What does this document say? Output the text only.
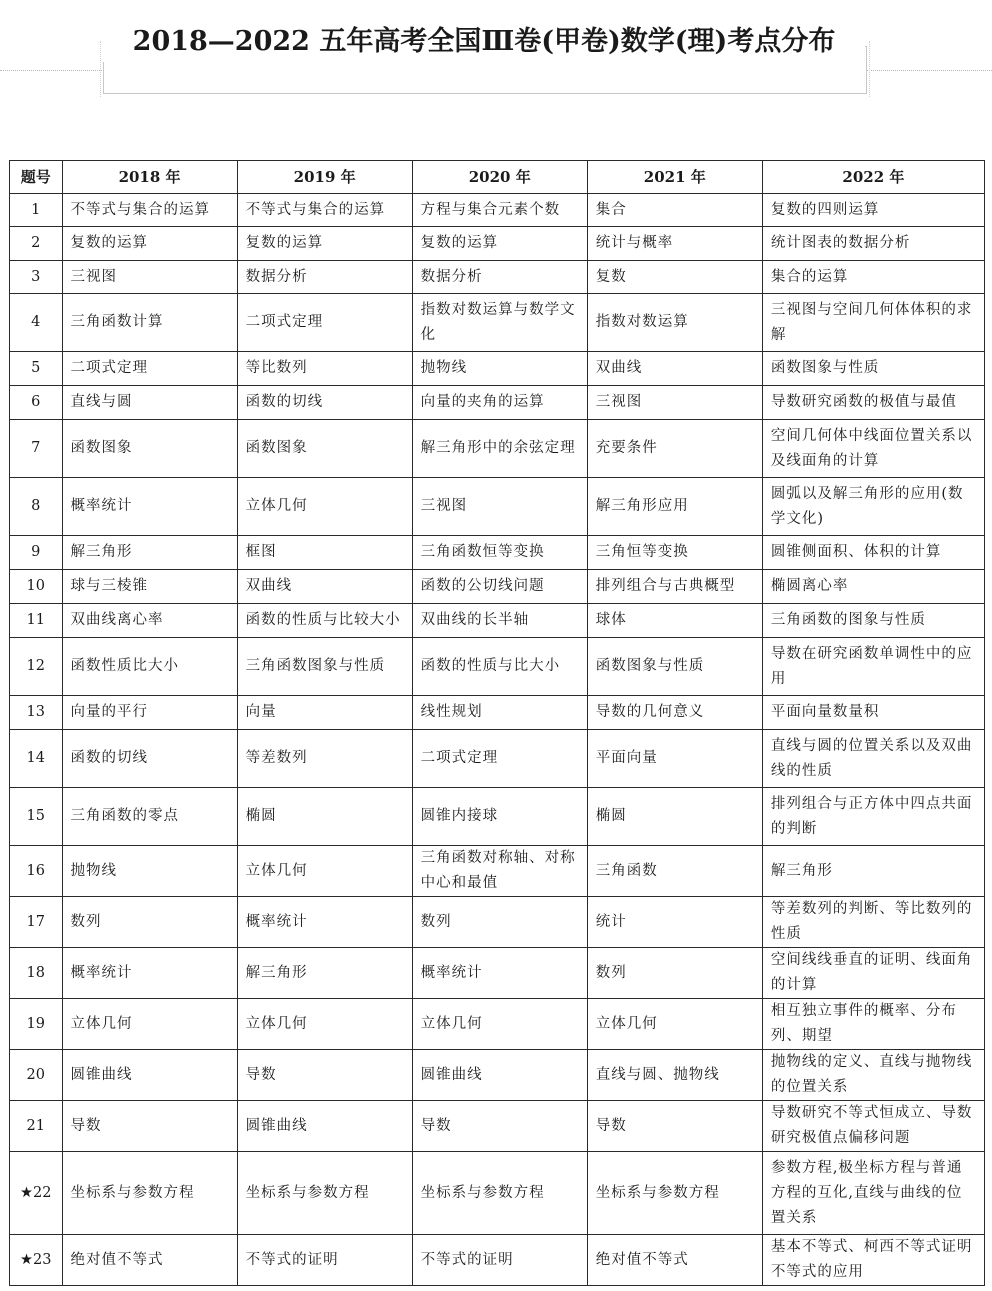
2018—2022 五年高考全国Ⅲ卷(甲卷)数学(理)考点分布
题号	2018 年	2019 年	2020 年	2021 年	2022 年
1	不等式与集合的运算	不等式与集合的运算	方程与集合元素个数	集合	复数的四则运算
2	复数的运算	复数的运算	复数的运算	统计与概率	统计图表的数据分析
3	三视图	数据分析	数据分析	复数	集合的运算
4	三角函数计算	二项式定理	指数对数运算与数学文化	指数对数运算	三视图与空间几何体体积的求解
5	二项式定理	等比数列	抛物线	双曲线	函数图象与性质
6	直线与圆	函数的切线	向量的夹角的运算	三视图	导数研究函数的极值与最值
7	函数图象	函数图象	解三角形中的余弦定理	充要条件	空间几何体中线面位置关系以及线面角的计算
8	概率统计	立体几何	三视图	解三角形应用	圆弧以及解三角形的应用(数学文化)
9	解三角形	框图	三角函数恒等变换	三角恒等变换	圆锥侧面积、体积的计算
10	球与三棱锥	双曲线	函数的公切线问题	排列组合与古典概型	椭圆离心率
11	双曲线离心率	函数的性质与比较大小	双曲线的长半轴	球体	三角函数的图象与性质
12	函数性质比大小	三角函数图象与性质	函数的性质与比大小	函数图象与性质	导数在研究函数单调性中的应用
13	向量的平行	向量	线性规划	导数的几何意义	平面向量数量积
14	函数的切线	等差数列	二项式定理	平面向量	直线与圆的位置关系以及双曲线的性质
15	三角函数的零点	椭圆	圆锥内接球	椭圆	排列组合与正方体中四点共面的判断
16	抛物线	立体几何	三角函数对称轴、对称中心和最值	三角函数	解三角形
17	数列	概率统计	数列	统计	等差数列的判断、等比数列的性质
18	概率统计	解三角形	概率统计	数列	空间线线垂直的证明、线面角的计算
19	立体几何	立体几何	立体几何	立体几何	相互独立事件的概率、分布列、期望
20	圆锥曲线	导数	圆锥曲线	直线与圆、抛物线	抛物线的定义、直线与抛物线的位置关系
21	导数	圆锥曲线	导数	导数	导数研究不等式恒成立、导数研究极值点偏移问题
★22	坐标系与参数方程	坐标系与参数方程	坐标系与参数方程	坐标系与参数方程	参数方程,极坐标方程与普通方程的互化,直线与曲线的位置关系
★23	绝对值不等式	不等式的证明	不等式的证明	绝对值不等式	基本不等式、柯西不等式证明不等式的应用
